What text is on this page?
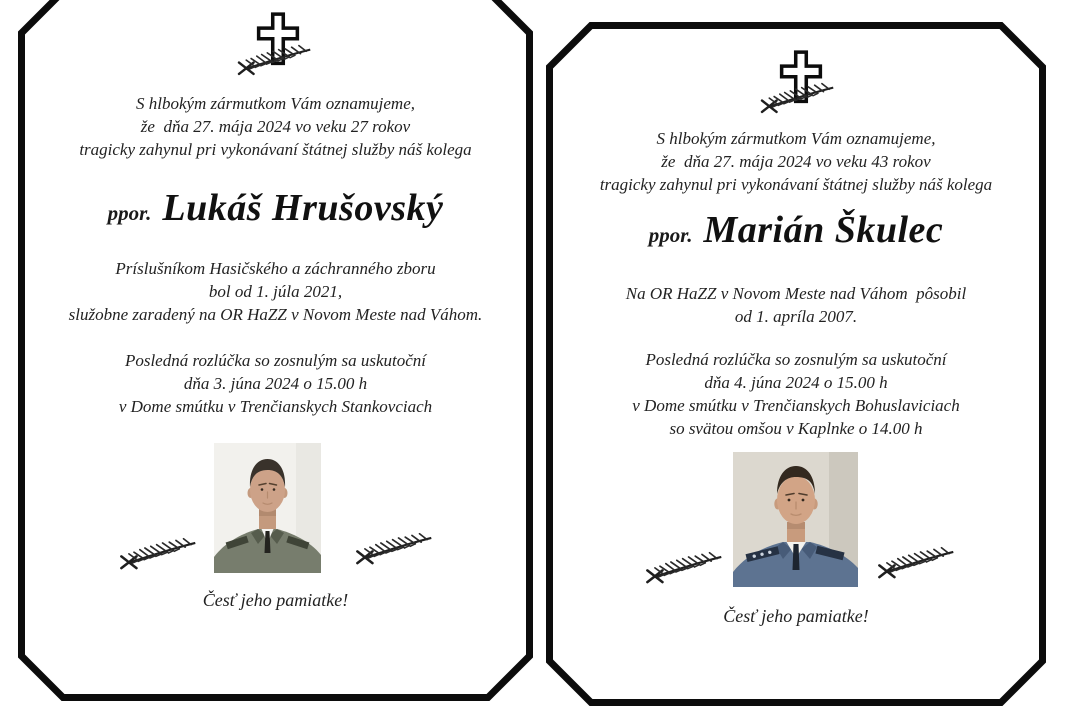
S hlbokým zármutkom Vám oznamujeme,
že  dňa 27. mája 2024 vo veku 27 rokov
tragicky zahynul pri vykonávaní štátnej služby náš kolega
ppor. Lukáš Hrušovský
Príslušníkom Hasičského a záchranného zboru
bol od 1. júla 2021,
služobne zaradený na OR HaZZ v Novom Meste nad Váhom.
Posledná rozlúčka so zosnulým sa uskutoční
dňa 3. júna 2024 o 15.00 h
v Dome smútku v Trenčianskych Stankovciach
Česť jeho pamiatke!
S hlbokým zármutkom Vám oznamujeme,
že  dňa 27. mája 2024 vo veku 43 rokov
tragicky zahynul pri vykonávaní štátnej služby náš kolega
ppor. Marián Škulec
Na OR HaZZ v Novom Meste nad Váhom  pôsobil
od 1. apríla 2007.
Posledná rozlúčka so zosnulým sa uskutoční
dňa 4. júna 2024 o 15.00 h
v Dome smútku v Trenčianskych Bohuslaviciach
so svätou omšou v Kaplnke o 14.00 h
Česť jeho pamiatke!
